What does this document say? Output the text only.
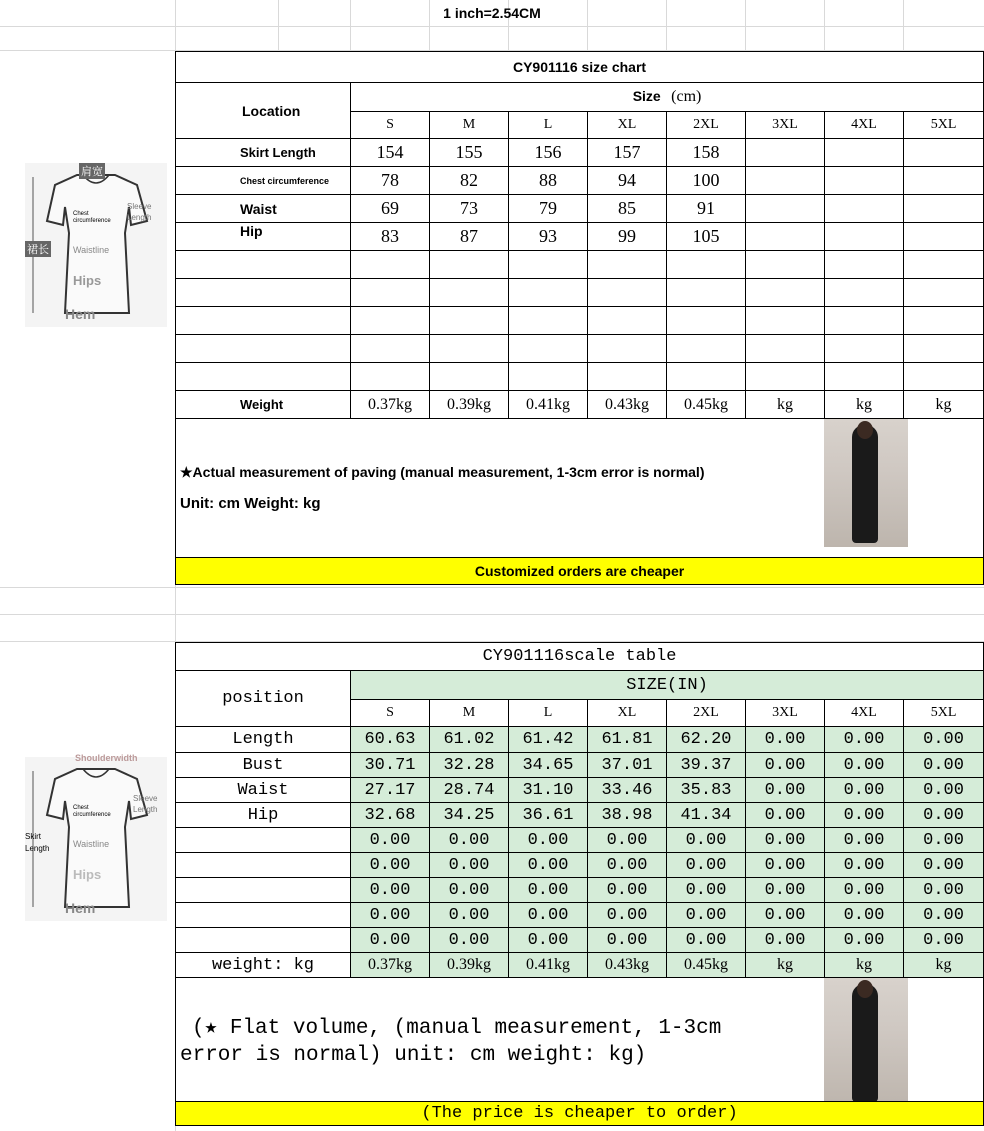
1 inch=2.54CM
肩宽
Chest circumference
Sleeve Length
裙长	Waistline
Hips
Hem
CY901116 size chart								
Location	Size (cm)							
	S	M	L	XL	2XL	3XL	4XL	5XL
Skirt Length	154	155	156	157	158			
Chest circumference	78	82	88	94	100			
Waist	69	73	79	85	91			
Hip	83	87	93	99	105			

Weight	0.37kg	0.39kg	0.41kg	0.43kg	0.45kg	kg	kg	kg

★Actual measurement of paving (manual measurement, 1-3cm error is normal)
Unit: cm Weight: kg								

Customized orders are cheaper								
Shoulderwidth
Chest circumference
Sleeve Length
Skirt Length	Waistline
Hips
Hem
CY901116scale table								
position	SIZE(IN)							
	S	M	L	XL	2XL	3XL	4XL	5XL
Length	60.63	61.02	61.42	61.81	62.20	0.00	0.00	0.00
Bust	30.71	32.28	34.65	37.01	39.37	0.00	0.00	0.00
Waist	27.17	28.74	31.10	33.46	35.83	0.00	0.00	0.00
Hip	32.68	34.25	36.61	38.98	41.34	0.00	0.00	0.00
	0.00	0.00	0.00	0.00	0.00	0.00	0.00	0.00
	0.00	0.00	0.00	0.00	0.00	0.00	0.00	0.00
	0.00	0.00	0.00	0.00	0.00	0.00	0.00	0.00
	0.00	0.00	0.00	0.00	0.00	0.00	0.00	0.00
	0.00	0.00	0.00	0.00	0.00	0.00	0.00	0.00
weight: kg	0.37kg	0.39kg	0.41kg	0.43kg	0.45kg	kg	kg	kg

(★ Flat volume, (manual measurement, 1-3cm
error is normal) unit: cm weight: kg)								

(The price is cheaper to order)								
